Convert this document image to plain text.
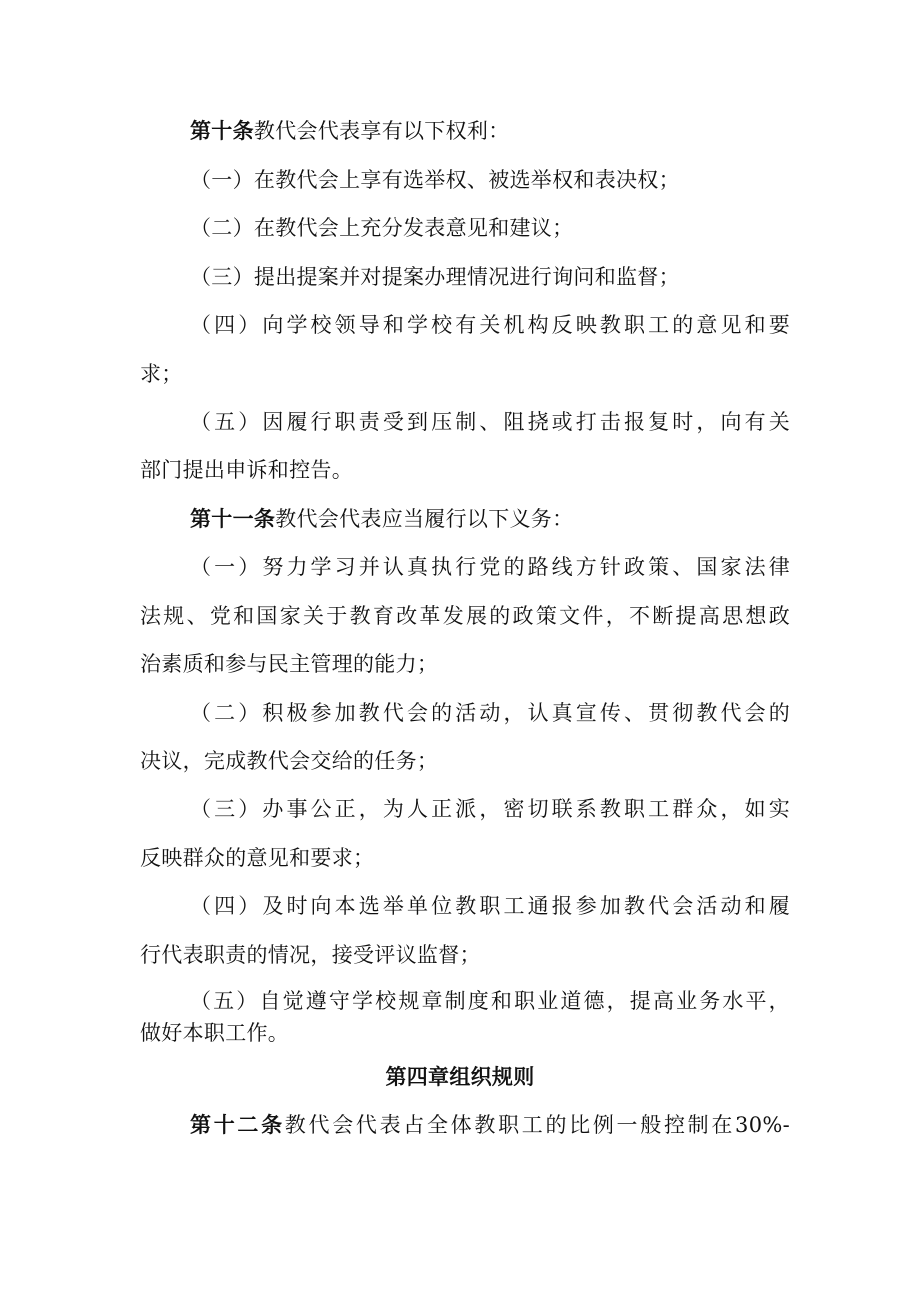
第十条教代会代表享有以下权利：
（一）在教代会上享有选举权、被选举权和表决权；
（二）在教代会上充分发表意见和建议；
（三）提出提案并对提案办理情况进行询问和监督；
（四）向学校领导和学校有关机构反映教职工的意见和要
求；
（五）因履行职责受到压制、阻挠或打击报复时，向有关
部门提出申诉和控告。
第十一条教代会代表应当履行以下义务：
（一）努力学习并认真执行党的路线方针政策、国家法律
法规、党和国家关于教育改革发展的政策文件，不断提高思想政
治素质和参与民主管理的能力；
（二）积极参加教代会的活动，认真宣传、贯彻教代会的
决议，完成教代会交给的任务；
（三）办事公正，为人正派，密切联系教职工群众，如实
反映群众的意见和要求；
（四）及时向本选举单位教职工通报参加教代会活动和履
行代表职责的情况，接受评议监督；
（五）自觉遵守学校规章制度和职业道德，提高业务水平，
做好本职工作。
第四章组织规则
第十二条教代会代表占全体教职工的比例一般控制在30%-
